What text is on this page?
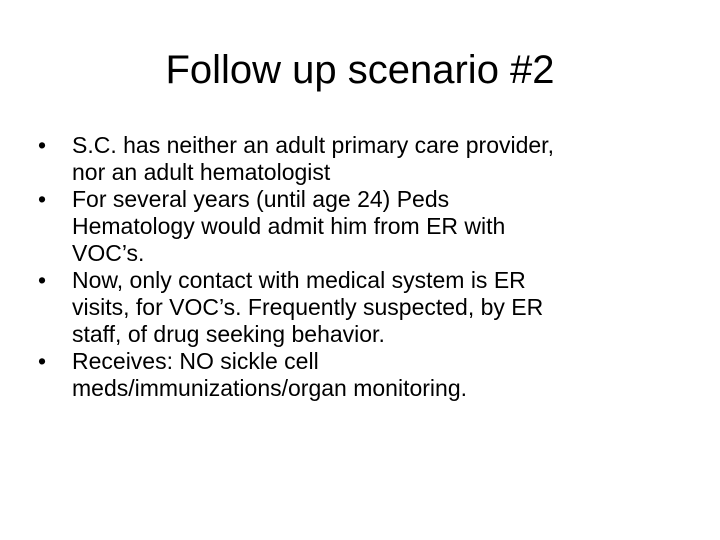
Follow up scenario #2
•	S.C. has neither an adult primary care provider,
nor an adult hematologist
•	For several years (until age 24) Peds
Hematology would admit him from ER with
VOC’s.
•	Now, only contact with medical system is ER
visits, for VOC’s. Frequently suspected, by ER
staff, of drug seeking behavior.
•	Receives: NO sickle cell
meds/immunizations/organ monitoring.
